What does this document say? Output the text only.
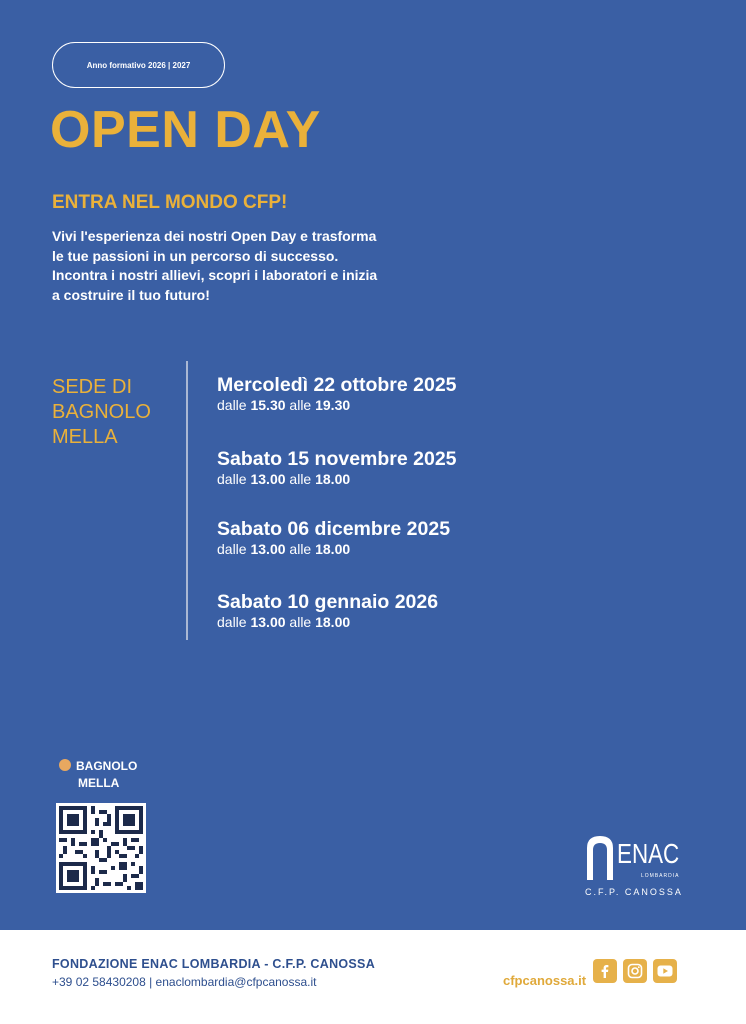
Anno formativo 2026 | 2027
OPEN DAY
ENTRA NEL MONDO CFP!

Vivi l'esperienza dei nostri Open Day e trasforma
le tue passioni in un percorso di successo.
Incontra i nostri allievi, scopri i laboratori e inizia
a costruire il tuo futuro!

SEDE DI
BAGNOLO
MELLA
Mercoledì 22 ottobre 2025
dalle 15.30 alle 19.30
Sabato 15 novembre 2025
dalle 13.00 alle 18.00
Sabato 06 dicembre 2025
dalle 13.00 alle 18.00
Sabato 10 gennaio 2026
dalle 13.00 alle 18.00
BAGNOLO
MELLA
ENAC
LOMBARDIA
C.F.P. CANOSSA
FONDAZIONE ENAC LOMBARDIA - C.F.P. CANOSSA
+39 02 58430208 | enaclombardia@cfpcanossa.it	cfpcanossa.it
